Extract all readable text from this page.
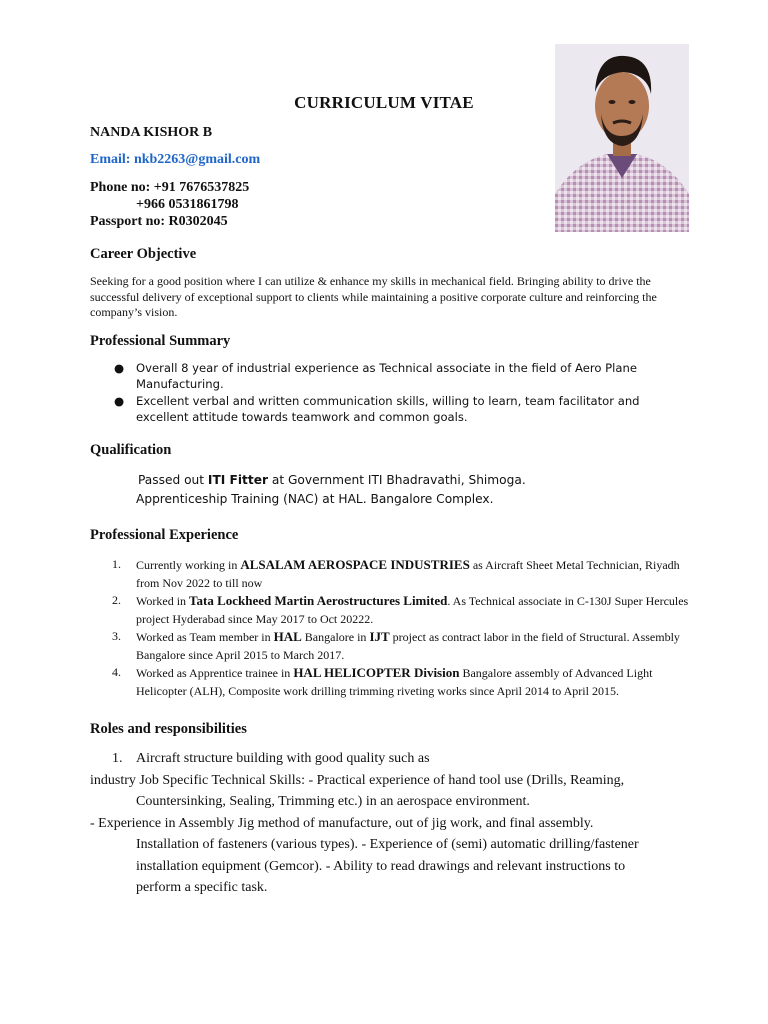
CURRICULUM VITAE
NANDA KISHOR B
Email: nkb2263@gmail.com
Phone no: +91 7676537825
+966 0531861798
Passport no: R0302045
Career Objective
Seeking for a good position where I can utilize & enhance my skills in mechanical field. Bringing ability to drive the successful delivery of exceptional support to clients while maintaining a positive corporate culture and reinforcing the company’s vision.
Professional Summary
● Overall 8 year of industrial experience as Technical associate in the field of Aero Plane Manufacturing.
● Excellent verbal and written communication skills, willing to learn, team facilitator and excellent attitude towards teamwork and common goals.
Qualification
Passed out ITI Fitter at Government ITI Bhadravathi, Shimoga.
Apprenticeship Training (NAC) at HAL. Bangalore Complex.
Professional Experience
1. Currently working in ALSALAM AEROSPACE INDUSTRIES as Aircraft Sheet Metal Technician, Riyadh from Nov 2022 to till now
2. Worked in Tata Lockheed Martin Aerostructures Limited. As Technical associate in C-130J Super Hercules project Hyderabad since May 2017 to Oct 20222.
3. Worked as Team member in HAL Bangalore in IJT project as contract labor in the field of Structural. Assembly Bangalore since April 2015 to March 2017.
4. Worked as Apprentice trainee in HAL HELICOPTER Division Bangalore assembly of Advanced Light Helicopter (ALH), Composite work drilling trimming riveting works since April 2014 to April 2015.
Roles and responsibilities
1. Aircraft structure building with good quality such as
industry Job Specific Technical Skills: - Practical experience of hand tool use (Drills, Reaming,
Countersinking, Sealing, Trimming etc.) in an aerospace environment.
- Experience in Assembly Jig method of manufacture, out of jig work, and final assembly.
Installation of fasteners (various types). - Experience of (semi) automatic drilling/fastener
installation equipment (Gemcor). - Ability to read drawings and relevant instructions to
perform a specific task.
